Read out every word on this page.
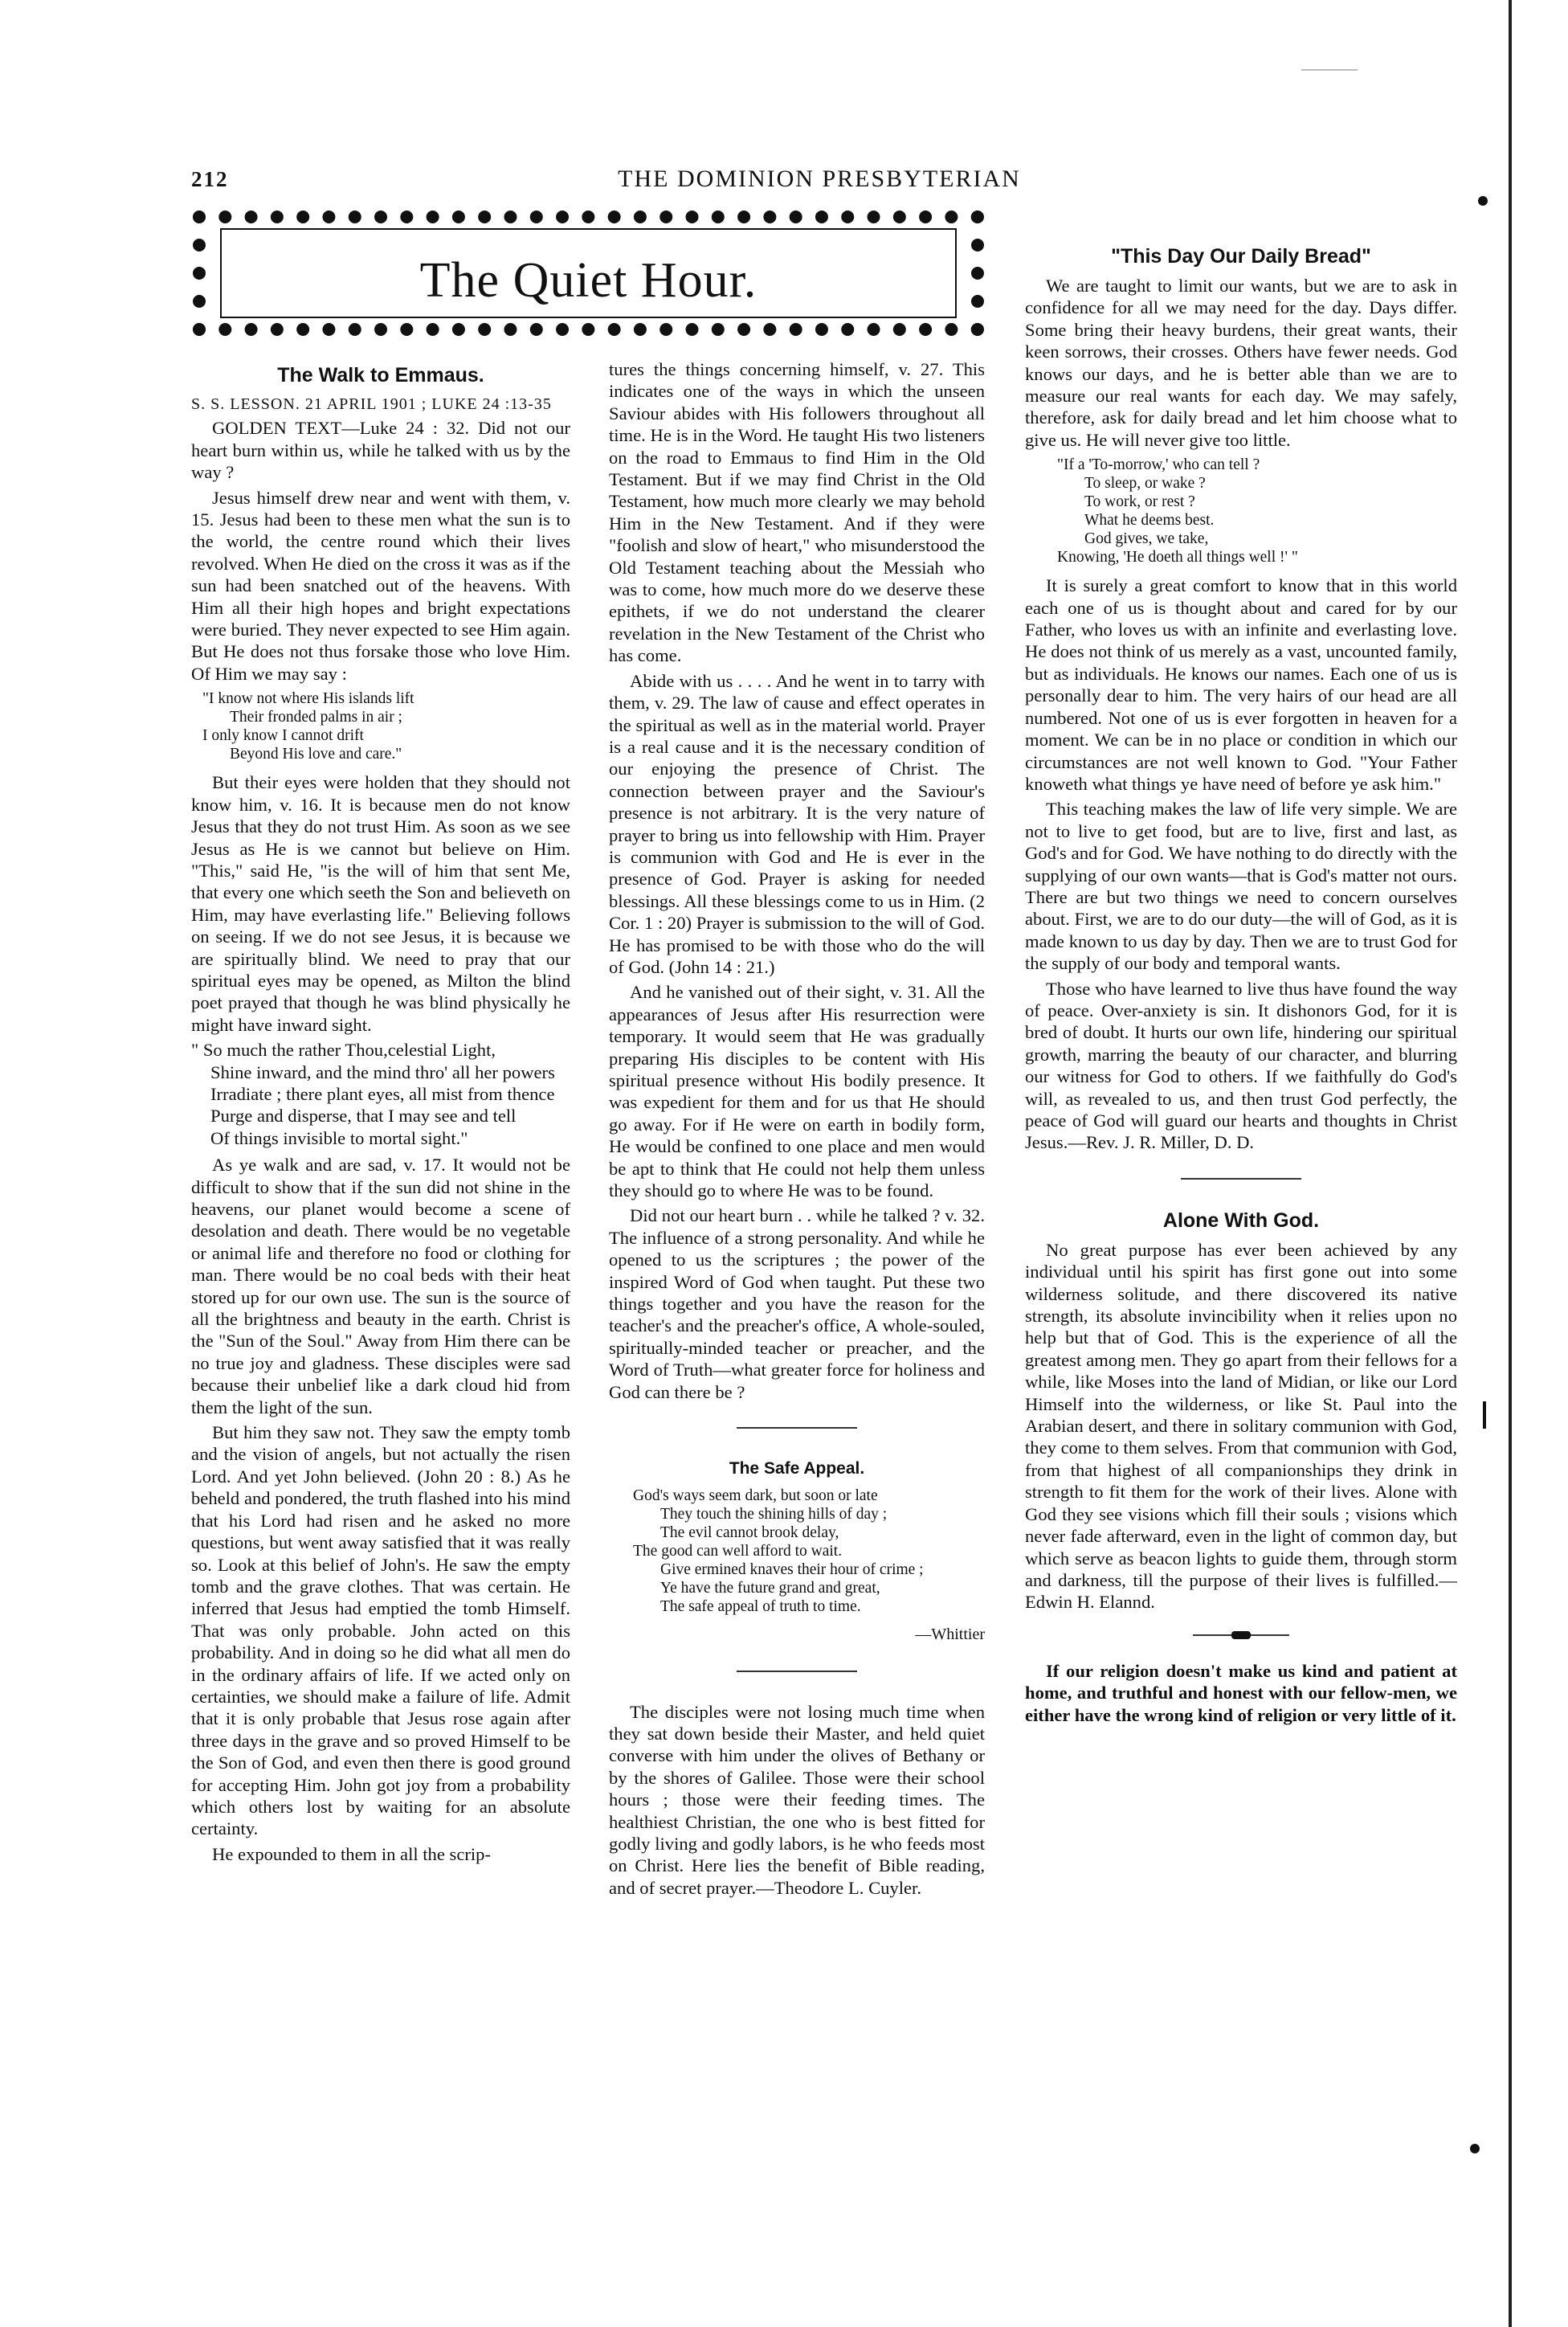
212	THE DOMINION PRESBYTERIAN
The Quiet Hour.
The Walk to Emmaus.
S. S. LESSON. 21 APRIL 1901 ; LUKE 24 :13-35

GOLDEN TEXT—Luke 24 : 32. Did not our heart burn within us, while he talked with us by the way ?

Jesus himself drew near and went with them, v. 15. Jesus had been to these men what the sun is to the world, the centre round which their lives revolved. When He died on the cross it was as if the sun had been snatched out of the heavens. With Him all their high hopes and bright expectations were buried. They never expected to see Him again. But He does not thus forsake those who love Him. Of Him we may say :

"I know not where His islands lift
Their fronded palms in air ;
I only know I cannot drift
Beyond His love and care."

But their eyes were holden that they should not know him, v. 16. It is because men do not know Jesus that they do not trust Him. As soon as we see Jesus as He is we cannot but believe on Him. "This," said He, "is the will of him that sent Me, that every one which seeth the Son and believeth on Him, may have everlasting life." Believing follows on seeing. If we do not see Jesus, it is because we are spiritually blind. We need to pray that our spiritual eyes may be opened, as Milton the blind poet prayed that though he was blind physically he might have inward sight.

" So much the rather Thou,celestial Light,
Shine inward, and the mind thro' all her powers
Irradiate ; there plant eyes, all mist from thence
Purge and disperse, that I may see and tell
Of things invisible to mortal sight."

As ye walk and are sad, v. 17. It would not be difficult to show that if the sun did not shine in the heavens, our planet would become a scene of desolation and death. There would be no vegetable or animal life and therefore no food or clothing for man. There would be no coal beds with their heat stored up for our own use. The sun is the source of all the brightness and beauty in the earth. Christ is the "Sun of the Soul." Away from Him there can be no true joy and gladness. These disciples were sad because their unbelief like a dark cloud hid from them the light of the sun.

But him they saw not. They saw the empty tomb and the vision of angels, but not actually the risen Lord. And yet John believed. (John 20 : 8.) As he beheld and pondered, the truth flashed into his mind that his Lord had risen and he asked no more questions, but went away satisfied that it was really so. Look at this belief of John's. He saw the empty tomb and the grave clothes. That was certain. He inferred that Jesus had emptied the tomb Himself. That was only probable. John acted on this probability. And in doing so he did what all men do in the ordinary affairs of life. If we acted only on certainties, we should make a failure of life. Admit that it is only probable that Jesus rose again after three days in the grave and so proved Himself to be the Son of God, and even then there is good ground for accepting Him. John got joy from a probability which others lost by waiting for an absolute certainty.

He expounded to them in all the scrip-

tures the things concerning himself, v. 27. This indicates one of the ways in which the unseen Saviour abides with His followers throughout all time. He is in the Word. He taught His two listeners on the road to Emmaus to find Him in the Old Testament. But if we may find Christ in the Old Testament, how much more clearly we may behold Him in the New Testament. And if they were "foolish and slow of heart," who misunderstood the Old Testament teaching about the Messiah who was to come, how much more do we deserve these epithets, if we do not understand the clearer revelation in the New Testament of the Christ who has come.

Abide with us . . . . And he went in to tarry with them, v. 29. The law of cause and effect operates in the spiritual as well as in the material world. Prayer is a real cause and it is the necessary condition of our enjoying the presence of Christ. The connection between prayer and the Saviour's presence is not arbitrary. It is the very nature of prayer to bring us into fellowship with Him. Prayer is communion with God and He is ever in the presence of God. Prayer is asking for needed blessings. All these blessings come to us in Him. (2 Cor. 1 : 20) Prayer is submission to the will of God. He has promised to be with those who do the will of God. (John 14 : 21.)

And he vanished out of their sight, v. 31. All the appearances of Jesus after His resurrection were temporary. It would seem that He was gradually preparing His disciples to be content with His spiritual presence without His bodily presence. It was expedient for them and for us that He should go away. For if He were on earth in bodily form, He would be confined to one place and men would be apt to think that He could not help them unless they should go to where He was to be found.

Did not our heart burn . . while he talked ? v. 32. The influence of a strong personality. And while he opened to us the scriptures ; the power of the inspired Word of God when taught. Put these two things together and you have the reason for the teacher's and the preacher's office, A whole-souled, spiritually-minded teacher or preacher, and the Word of Truth—what greater force for holiness and God can there be ?

The Safe Appeal.
God's ways seem dark, but soon or late
They touch the shining hills of day ;
The evil cannot brook delay,
The good can well afford to wait.
Give ermined knaves their hour of crime ;
Ye have the future grand and great,
The safe appeal of truth to time.
—Whittier

The disciples were not losing much time when they sat down beside their Master, and held quiet converse with him under the olives of Bethany or by the shores of Galilee. Those were their school hours ; those were their feeding times. The healthiest Christian, the one who is best fitted for godly living and godly labors, is he who feeds most on Christ. Here lies the benefit of Bible reading, and of secret prayer.—Theodore L. Cuyler.

"This Day Our Daily Bread"

We are taught to limit our wants, but we are to ask in confidence for all we may need for the day. Days differ. Some bring their heavy burdens, their great wants, their keen sorrows, their crosses. Others have fewer needs. God knows our days, and he is better able than we are to measure our real wants for each day. We may safely, therefore, ask for daily bread and let him choose what to give us. He will never give too little.

"If a 'To-morrow,' who can tell ?
To sleep, or wake ?
To work, or rest ?
What he deems best.
God gives, we take,
Knowing, 'He doeth all things well !' "

It is surely a great comfort to know that in this world each one of us is thought about and cared for by our Father, who loves us with an infinite and everlasting love. He does not think of us merely as a vast, uncounted family, but as individuals. He knows our names. Each one of us is personally dear to him. The very hairs of our head are all numbered. Not one of us is ever forgotten in heaven for a moment. We can be in no place or condition in which our circumstances are not well known to God. "Your Father knoweth what things ye have need of before ye ask him."

This teaching makes the law of life very simple. We are not to live to get food, but are to live, first and last, as God's and for God. We have nothing to do directly with the supplying of our own wants—that is God's matter not ours. There are but two things we need to concern ourselves about. First, we are to do our duty—the will of God, as it is made known to us day by day. Then we are to trust God for the supply of our body and temporal wants.

Those who have learned to live thus have found the way of peace. Over-anxiety is sin. It dishonors God, for it is bred of doubt. It hurts our own life, hindering our spiritual growth, marring the beauty of our character, and blurring our witness for God to others. If we faithfully do God's will, as revealed to us, and then trust God perfectly, the peace of God will guard our hearts and thoughts in Christ Jesus.—Rev. J. R. Miller, D. D.

Alone With God.

No great purpose has ever been achieved by any individual until his spirit has first gone out into some wilderness solitude, and there discovered its native strength, its absolute invincibility when it relies upon no help but that of God. This is the experience of all the greatest among men. They go apart from their fellows for a while, like Moses into the land of Midian, or like our Lord Himself into the wilderness, or like St. Paul into the Arabian desert, and there in solitary communion with God, they come to them selves. From that communion with God, from that highest of all companionships they drink in strength to fit them for the work of their lives. Alone with God they see visions which fill their souls ; visions which never fade afterward, even in the light of common day, but which serve as beacon lights to guide them, through storm and darkness, till the purpose of their lives is fulfilled.—Edwin H. Elannd.

If our religion doesn't make us kind and patient at home, and truthful and honest with our fellow-men, we either have the wrong kind of religion or very little of it.
